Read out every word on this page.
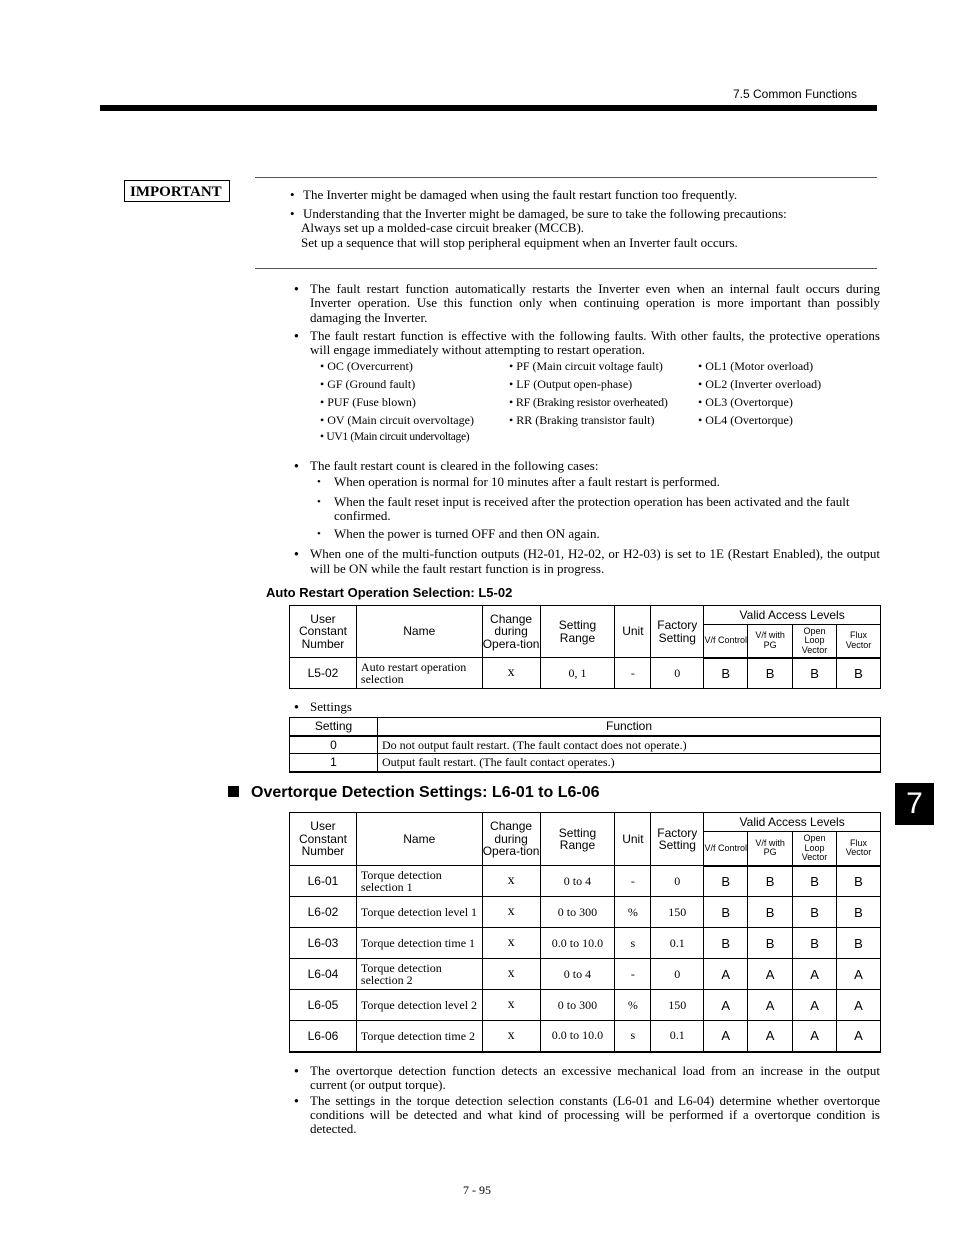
7.5 Common Functions
IMPORTANT	• The Inverter might be damaged when using the fault restart function too frequently.
• Understanding that the Inverter might be damaged, be sure to take the following precautions:
Always set up a molded-case circuit breaker (MCCB).
Set up a sequence that will stop peripheral equipment when an Inverter fault occurs.
● The fault restart function automatically restarts the Inverter even when an internal fault occurs during Inverter operation. Use this function only when continuing operation is more important than possibly damaging the Inverter.
● The fault restart function is effective with the following faults. With other faults, the protective operations will engage immediately without attempting to restart operation.
• OC (Overcurrent)
• GF (Ground fault)
• PUF (Fuse blown)
• OV (Main circuit overvoltage)
• UV1 (Main circuit undervoltage)
• PF (Main circuit voltage fault)
• LF (Output open-phase)
• RF (Braking resistor overheated)
• RR (Braking transistor fault)
• OL1 (Motor overload)
• OL2 (Inverter overload)
• OL3 (Overtorque)
• OL4 (Overtorque)
● The fault restart count is cleared in the following cases:
• When operation is normal for 10 minutes after a fault restart is performed.
• When the fault reset input is received after the protection operation has been activated and the fault confirmed.
• When the power is turned OFF and then ON again.
● When one of the multi-function outputs (H2-01, H2-02, or H2-03) is set to 1E (Restart Enabled), the output will be ON while the fault restart function is in progress.
Auto Restart Operation Selection: L5-02
User Constant Number	Name	Change during Opera-tion	Setting Range	Unit	Factory Setting	Valid Access Levels			
						V/f Control	V/f with PG	Open Loop Vector	Flux Vector
L5-02	Auto restart operation selection	x	0, 1	-	0	B	B	B	B
● Settings
Setting	Function
0	Do not output fault restart. (The fault contact does not operate.)
1	Output fault restart. (The fault contact operates.)
7
Overtorque Detection Settings: L6-01 to L6-06
User Constant Number	Name	Change during Opera-tion	Setting Range	Unit	Factory Setting	Valid Access Levels			
						V/f Control	V/f with PG	Open Loop Vector	Flux Vector
L6-01	Torque detection selection 1	x	0 to 4	-	0	B	B	B	B
L6-02	Torque detection level 1	x	0 to 300	%	150	B	B	B	B
L6-03	Torque detection time 1	x	0.0 to 10.0	s	0.1	B	B	B	B
L6-04	Torque detection selection 2	x	0 to 4	-	0	A	A	A	A
L6-05	Torque detection level 2	x	0 to 300	%	150	A	A	A	A
L6-06	Torque detection time 2	x	0.0 to 10.0	s	0.1	A	A	A	A
● The overtorque detection function detects an excessive mechanical load from an increase in the output current (or output torque).
● The settings in the torque detection selection constants (L6-01 and L6-04) determine whether overtorque conditions will be detected and what kind of processing will be performed if a overtorque condition is detected.
7 - 95
